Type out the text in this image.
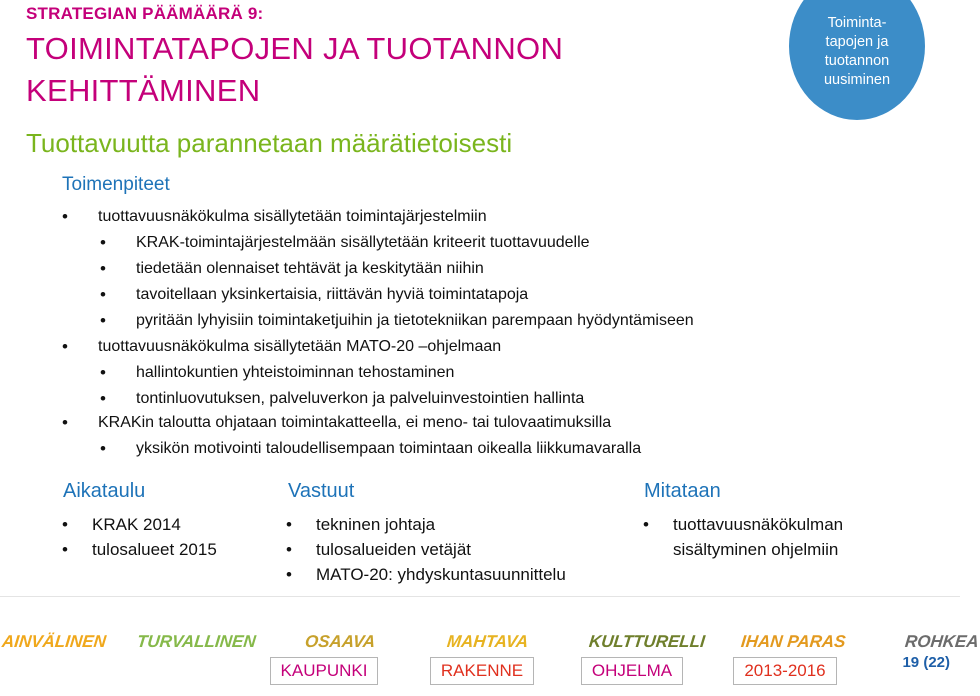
STRATEGIAN PÄÄMÄÄRÄ 9:
TOIMINTATAPOJEN JA TUOTANNON
KEHITTÄMINEN
Tuottavuutta parannetaan määrätietoisesti
Toiminta-
tapojen ja
tuotannon
uusiminen
Toimenpiteet
• tuottavuusnäkökulma sisällytetään toimintajärjestelmiin
• KRAK-toimintajärjestelmään sisällytetään kriteerit tuottavuudelle
• tiedetään olennaiset tehtävät ja keskitytään niihin
• tavoitellaan yksinkertaisia, riittävän hyviä toimintatapoja
• pyritään lyhyisiin toimintaketjuihin ja tietotekniikan parempaan hyödyntämiseen
• tuottavuusnäkökulma sisällytetään MATO-20 –ohjelmaan
• hallintokuntien yhteistoiminnan tehostaminen
• tontinluovutuksen, palveluverkon ja palveluinvestointien hallinta
• KRAKin taloutta ohjataan toimintakatteella, ei meno- tai tulovaatimuksilla
• yksikön motivointi taloudellisempaan toimintaan oikealla liikkumavaralla
Aikataulu
• KRAK 2014
• tulosalueet 2015
Vastuut
• tekninen johtaja
• tulosalueiden vetäjät
• MATO-20: yhdyskuntasuunnittelu
Mitataan
• tuottavuusnäkökulman
sisältyminen ohjelmiin
AINVÄLINEN TURVALLINEN	OSAAVA	MAHTAVA	KULTTURELLI IHAN PARAS	ROHKEA
KAUPUNKI	RAKENNE	OHJELMA	2013-2016	19 (22)
